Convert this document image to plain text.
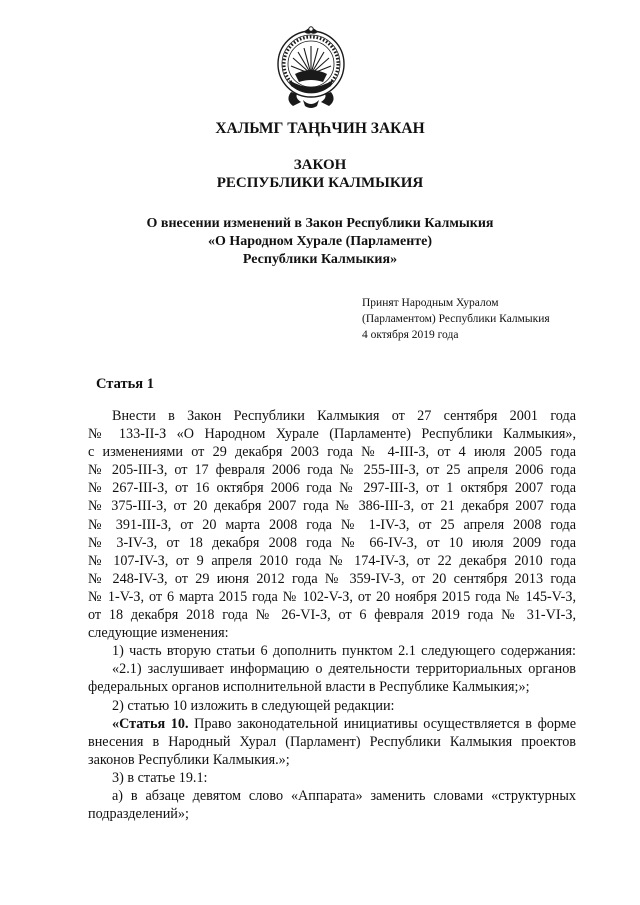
ХАЛЬМГ ТАҢҺЧИН ЗАКАН
ЗАКОН
РЕСПУБЛИКИ КАЛМЫКИЯ
О внесении изменений в Закон Республики Калмыкия
«О Народном Хурале (Парламенте)
Республики Калмыкия»
Принят Народным Хуралом
(Парламентом) Республики Калмыкия
4 октября 2019 года
Статья 1
Внести в Закон Республики Калмыкия от 27 сентября 2001 года
№ 133-II-З «О Народном Хурале (Парламенте) Республики Калмыкия»,
с изменениями от 29 декабря 2003 года № 4-III-З, от 4 июля 2005 года
№ 205-III-З, от 17 февраля 2006 года № 255-III-З, от 25 апреля 2006 года
№ 267-III-З, от 16 октября 2006 года № 297-III-З, от 1 октября 2007 года
№ 375-III-З, от 20 декабря 2007 года № 386-III-З, от 21 декабря 2007 года
№ 391-III-З, от 20 марта 2008 года № 1-IV-З, от 25 апреля 2008 года
№ 3-IV-З, от 18 декабря 2008 года № 66-IV-З, от 10 июля 2009 года
№ 107-IV-З, от 9 апреля 2010 года № 174-IV-З, от 22 декабря 2010 года
№ 248-IV-З, от 29 июня 2012 года № 359-IV-З, от 20 сентября 2013 года
№ 1-V-З, от 6 марта 2015 года № 102-V-З, от 20 ноября 2015 года № 145-V-З,
от 18 декабря 2018 года № 26-VI-З, от 6 февраля 2019 года № 31-VI-З,
следующие изменения:
1) часть вторую статьи 6 дополнить пунктом 2.1 следующего содержания:
«2.1) заслушивает информацию о деятельности территориальных органов
федеральных органов исполнительной власти в Республике Калмыкия;»;
2) статью 10 изложить в следующей редакции:
«Статья 10. Право законодательной инициативы осуществляется в форме
внесения в Народный Хурал (Парламент) Республики Калмыкия проектов
законов Республики Калмыкия.»;
3) в статье 19.1:
а) в абзаце девятом слово «Аппарата» заменить словами «структурных
подразделений»;
